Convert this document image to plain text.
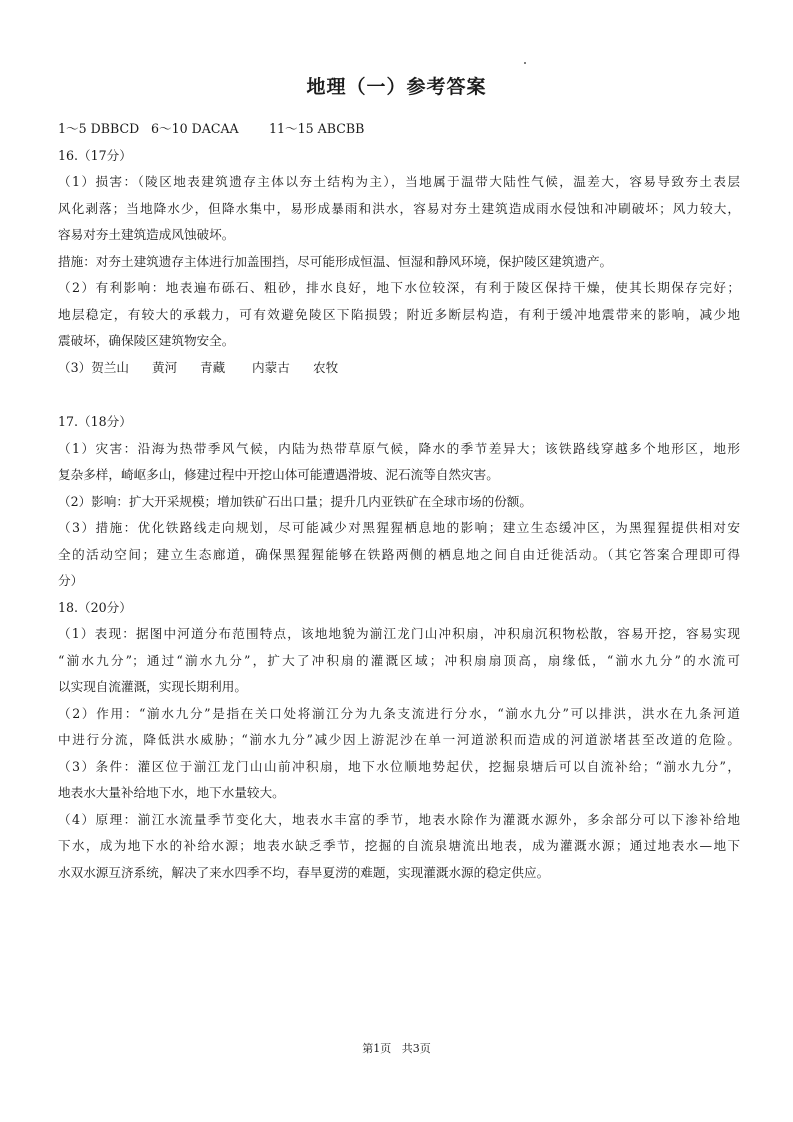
地理（一）参考答案
1～5 DBBCD 6～10 DACAA 11～15 ABCBB
16.（17分）
（1）损害：（陵区地表建筑遗存主体以夯土结构为主），当地属于温带大陆性气候，温差大，容易导致夯土表层
风化剥落；当地降水少，但降水集中，易形成暴雨和洪水，容易对夯土建筑造成雨水侵蚀和冲刷破坏；风力较大，
容易对夯土建筑造成风蚀破坏。
措施：对夯土建筑遗存主体进行加盖围挡，尽可能形成恒温、恒湿和静风环境，保护陵区建筑遗产。
（2）有利影响：地表遍布砾石、粗砂，排水良好，地下水位较深，有利于陵区保持干燥，使其长期保存完好；
地层稳定，有较大的承载力，可有效避免陵区下陷损毁；附近多断层构造，有利于缓冲地震带来的影响，减少地
震破坏，确保陵区建筑物安全。
（3）贺兰山 黄河 青藏 内蒙古 农牧
17.（18分）
（1）灾害：沿海为热带季风气候，内陆为热带草原气候，降水的季节差异大；该铁路线穿越多个地形区，地形
复杂多样，崎岖多山，修建过程中开挖山体可能遭遇滑坡、泥石流等自然灾害。
（2）影响：扩大开采规模；增加铁矿石出口量；提升几内亚铁矿在全球市场的份额。
（3）措施：优化铁路线走向规划，尽可能减少对黑猩猩栖息地的影响；建立生态缓冲区，为黑猩猩提供相对安
全的活动空间；建立生态廊道，确保黑猩猩能够在铁路两侧的栖息地之间自由迁徙活动。（其它答案合理即可得
分）
18.（20分）
（1）表现：据图中河道分布范围特点，该地地貌为湔江龙门山冲积扇，冲积扇沉积物松散，容易开挖，容易实现
“湔水九分”；通过“湔水九分”，扩大了冲积扇的灌溉区域；冲积扇扇顶高，扇缘低，“湔水九分”的水流可
以实现自流灌溉，实现长期利用。
（2）作用：“湔水九分”是指在关口处将湔江分为九条支流进行分水，“湔水九分”可以排洪，洪水在九条河道
中进行分流，降低洪水威胁；“湔水九分”减少因上游泥沙在单一河道淤积而造成的河道淤堵甚至改道的危险。
（3）条件：灌区位于湔江龙门山山前冲积扇，地下水位顺地势起伏，挖掘泉塘后可以自流补给；“湔水九分”，
地表水大量补给地下水，地下水量较大。
（4）原理：湔江水流量季节变化大，地表水丰富的季节，地表水除作为灌溉水源外，多余部分可以下渗补给地
下水，成为地下水的补给水源；地表水缺乏季节，挖掘的自流泉塘流出地表，成为灌溉水源；通过地表水—地下
水双水源互济系统，解决了来水四季不均，春旱夏涝的难题，实现灌溉水源的稳定供应。
第1页 共3页
